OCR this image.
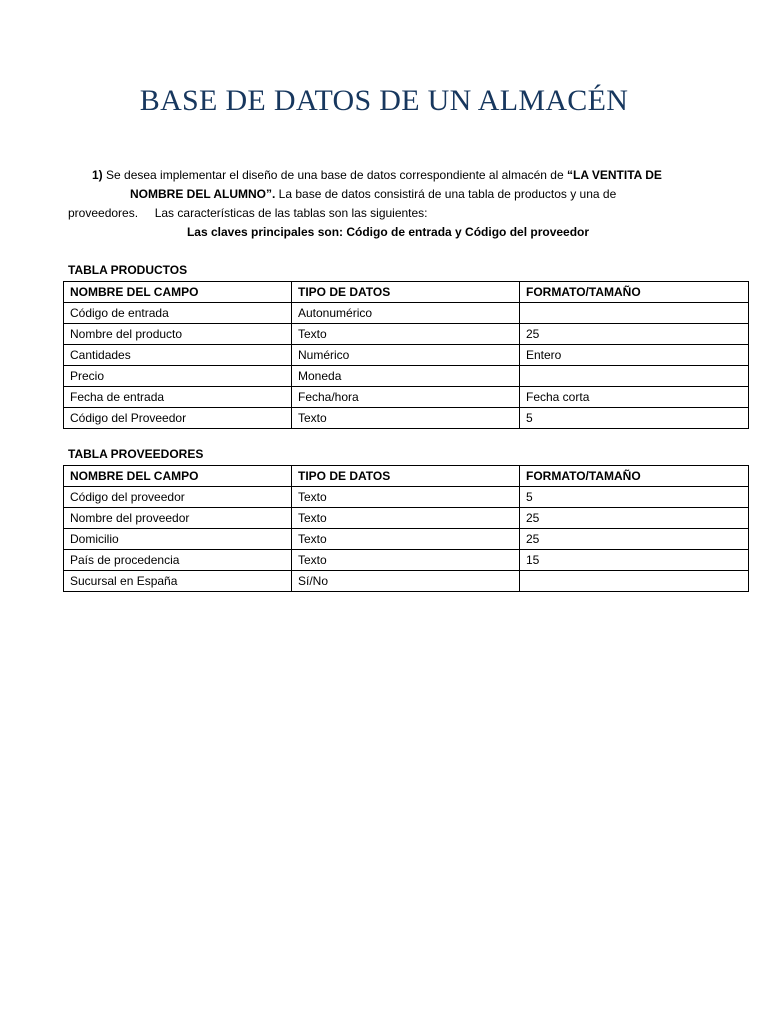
BASE DE DATOS DE UN ALMACÉN
1) Se desea implementar el diseño de una base de datos correspondiente al almacén de “LA VENTITA DE
NOMBRE DEL ALUMNO”. La base de datos consistirá de una tabla de productos y una de
proveedores.     Las características de las tablas son las siguientes:
Las claves principales son: Código de entrada y Código del proveedor
TABLA PRODUCTOS
NOMBRE DEL CAMPO	TIPO DE DATOS	FORMATO/TAMAÑO
Código de entrada	Autonumérico	
Nombre del producto	Texto	25
Cantidades	Numérico	Entero
Precio	Moneda	
Fecha de entrada	Fecha/hora	Fecha corta
Código del Proveedor	Texto	5
TABLA PROVEEDORES
NOMBRE DEL CAMPO	TIPO DE DATOS	FORMATO/TAMAÑO
Código del proveedor	Texto	5
Nombre del proveedor	Texto	25
Domicilio	Texto	25
País de procedencia	Texto	15
Sucursal en España	Sí/No	
